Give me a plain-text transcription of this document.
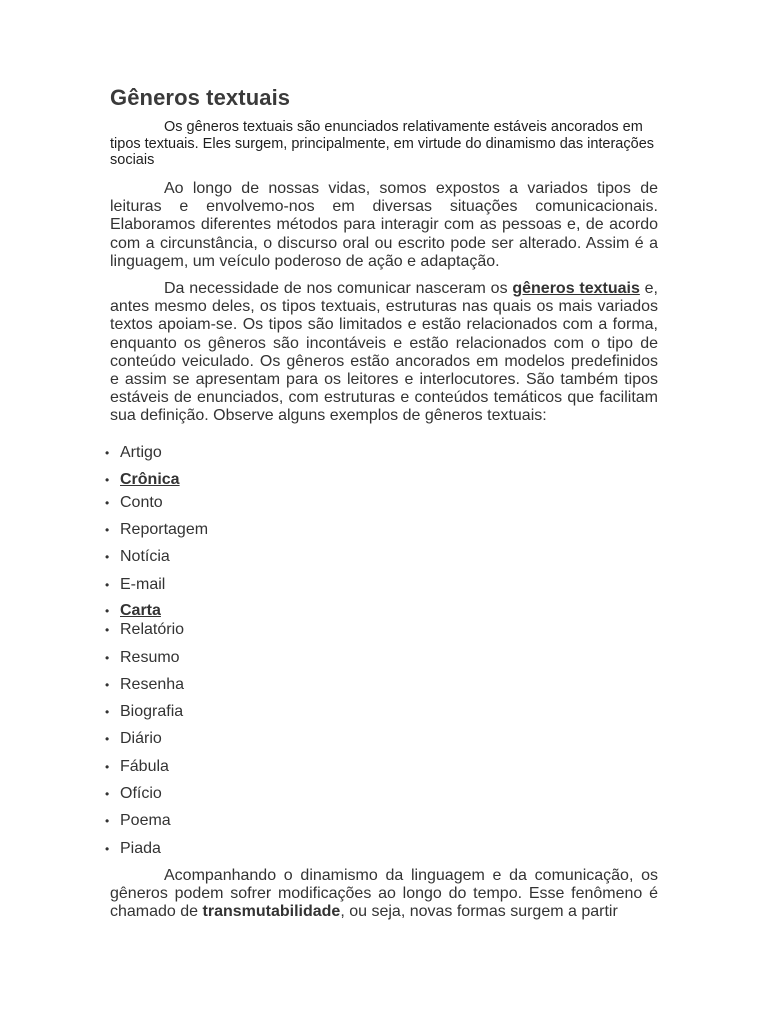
Gêneros textuais
Os gêneros textuais são enunciados relativamente estáveis ancorados em tipos textuais. Eles surgem, principalmente, em virtude do dinamismo das interações sociais
Ao longo de nossas vidas, somos expostos a variados tipos de leituras e envolvemo-nos em diversas situações comunicacionais. Elaboramos diferentes métodos para interagir com as pessoas e, de acordo com a circunstância, o discurso oral ou escrito pode ser alterado. Assim é a linguagem, um veículo poderoso de ação e adaptação.
Da necessidade de nos comunicar nasceram os gêneros textuais e, antes mesmo deles, os tipos textuais, estruturas nas quais os mais variados textos apoiam-se. Os tipos são limitados e estão relacionados com a forma, enquanto os gêneros são incontáveis e estão relacionados com o tipo de conteúdo veiculado. Os gêneros estão ancorados em modelos predefinidos e assim se apresentam para os leitores e interlocutores. São também tipos estáveis de enunciados, com estruturas e conteúdos temáticos que facilitam sua definição. Observe alguns exemplos de gêneros textuais:
• Artigo
• Crônica
• Conto
• Reportagem
• Notícia
• E-mail
• Carta
• Relatório
• Resumo
• Resenha
• Biografia
• Diário
• Fábula
• Ofício
• Poema
• Piada
Acompanhando o dinamismo da linguagem e da comunicação, os gêneros podem sofrer modificações ao longo do tempo. Esse fenômeno é chamado de transmutabilidade, ou seja, novas formas surgem a partir
